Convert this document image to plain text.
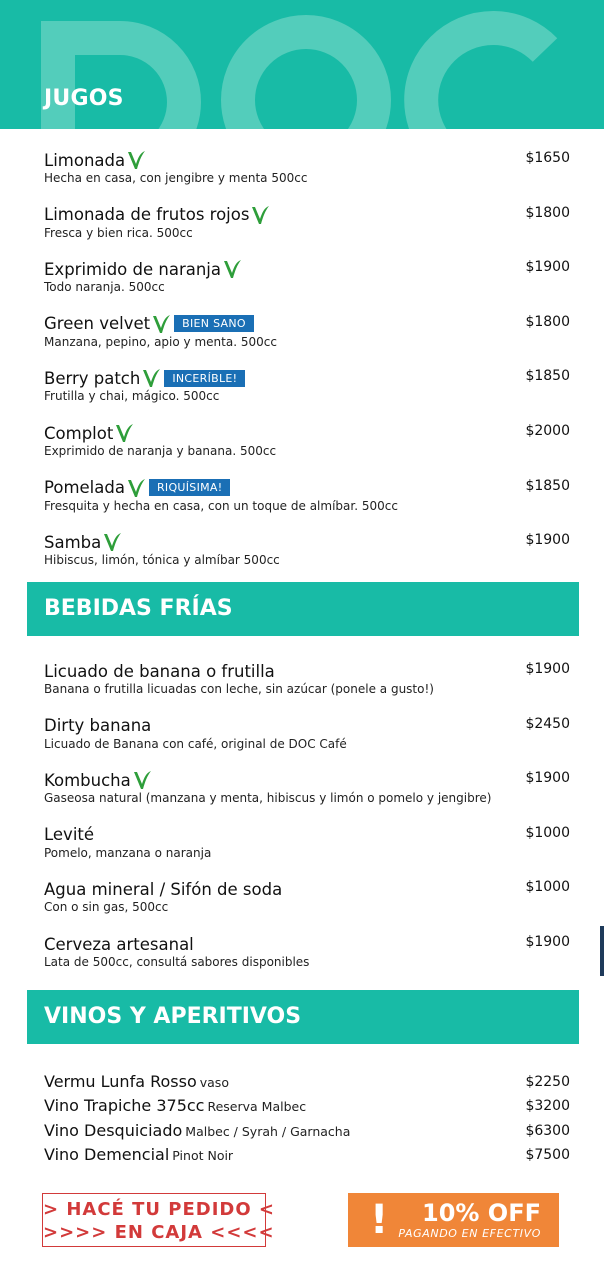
JUGOS
Limonada
Hecha en casa, con jengibre y menta 500cc
$1650
Limonada de frutos rojos
Fresca y bien rica. 500cc
$1800
Exprimido de naranja
Todo naranja. 500cc
$1900
Green velvet	BIEN SANO
Manzana, pepino, apio y menta. 500cc
$1800
Berry patch	INCERÍBLE!
Frutilla y chai, mágico. 500cc
$1850
Complot
Exprimido de naranja y banana. 500cc
$2000
Pomelada	RIQUÍSIMA!
Fresquita y hecha en casa, con un toque de almíbar. 500cc
$1850
Samba
Hibiscus, limón, tónica y almíbar 500cc
$1900
BEBIDAS FRÍAS
Licuado de banana o frutilla
Banana o frutilla licuadas con leche, sin azúcar (ponele a gusto!)
$1900
Dirty banana
Licuado de Banana con café, original de DOC Café
$2450
Kombucha
Gaseosa natural (manzana y menta, hibiscus y limón o pomelo y jengibre)
$1900
Levité
Pomelo, manzana o naranja
$1000
Agua mineral / Sifón de soda
Con o sin gas, 500cc
$1000
Cerveza artesanal
Lata de 500cc, consultá sabores disponibles
$1900
VINOS Y APERITIVOS
Vermu Lunfa Rosso vaso	$2250
Vino Trapiche 375cc Reserva Malbec	$3200
Vino Desquiciado Malbec / Syrah / Garnacha	$6300
Vino Demencial Pinot Noir	$7500
> HACÉ TU PEDIDO <
>>>> EN CAJA <<<< ! 10% OFF
PAGANDO EN EFECTIVO
